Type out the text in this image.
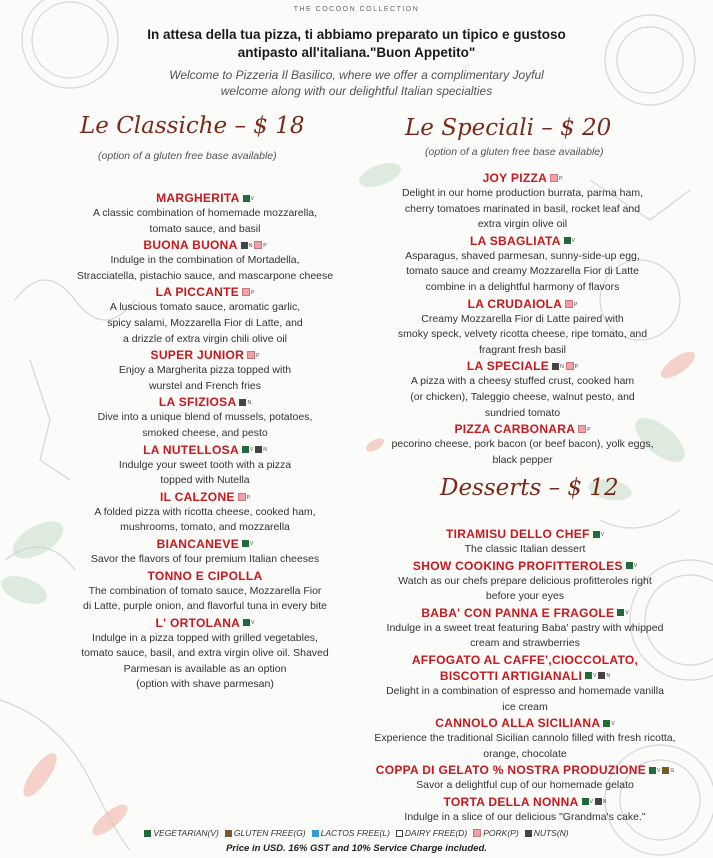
THE COCOON COLLECTION
In attesa della tua pizza, ti abbiamo preparato un tipico e gustoso
antipasto all'italiana."Buon Appetito"
Welcome to Pizzeria Il Basilico, where we offer a complimentary Joyful
welcome along with our delightful Italian specialties
Le Classiche – $ 18
(option of a gluten free base available)
Le Speciali – $ 20
(option of a gluten free base available)
Desserts – $ 12
MARGHERITA V
A classic combination of homemade mozzarella,
tomato sauce, and basil
BUONA BUONA N P
Indulge in the combination of Mortadella,
Stracciatella, pistachio sauce, and mascarpone cheese
LA PICCANTE P
A luscious tomato sauce, aromatic garlic,
spicy salami, Mozzarella Fior di Latte, and
a drizzle of extra virgin chili olive oil
SUPER JUNIOR P
Enjoy a Margherita pizza topped with
wurstel and French fries
LA SFIZIOSA N
Dive into a unique blend of mussels, potatoes,
smoked cheese, and pesto
LA NUTELLOSA V N
Indulge your sweet tooth with a pizza
topped with Nutella
IL CALZONE P
A folded pizza with ricotta cheese, cooked ham,
mushrooms, tomato, and mozzarella
BIANCANEVE V
Savor the flavors of four premium Italian cheeses
TONNO E CIPOLLA
The combination of tomato sauce, Mozzarella Fior
di Latte, purple onion, and flavorful tuna in every bite
L' ORTOLANA V
Indulge in a pizza topped with grilled vegetables,
tomato sauce, basil, and extra virgin olive oil. Shaved
Parmesan is available as an option
(option with shave parmesan)
JOY PIZZA P
Delight in our home production burrata, parma ham,
cherry tomatoes marinated in basil, rocket leaf and
extra virgin olive oil
LA SBAGLIATA V
Asparagus, shaved parmesan, sunny-side-up egg,
tomato sauce and creamy Mozzarella Fior di Latte
combine in a delightful harmony of flavors
LA CRUDAIOLA P
Creamy Mozzarella Fior di Latte paired with
smoky speck, velvety ricotta cheese, ripe tomato, and
fragrant fresh basil
LA SPECIALE N P
A pizza with a cheesy stuffed crust, cooked ham
(or chicken), Taleggio cheese, walnut pesto, and
sundried tomato
PIZZA CARBONARA P
pecorino cheese, pork bacon (or beef bacon), yolk eggs,
black pepper
TIRAMISU DELLO CHEF V
The classic Italian dessert
SHOW COOKING PROFITTEROLES V
Watch as our chefs prepare delicious profitteroles right
before your eyes
BABA' CON PANNA E FRAGOLE V
Indulge in a sweet treat featuring Baba' pastry with whipped
cream and strawberries
AFFOGATO AL CAFFE',CIOCCOLATO,
BISCOTTI ARTIGIANALI V N
Delight in a combination of espresso and homemade vanilla
ice cream
CANNOLO ALLA SICILIANA V
Experience the traditional Sicilian cannolo filled with fresh ricotta,
orange, chocolate
COPPA DI GELATO % NOSTRA PRODUZIONE V G
Savor a delightful cup of our homemade gelato
TORTA DELLA NONNA V N
Indulge in a slice of our delicious "Grandma's cake."
VEGETARIAN(V) GLUTEN FREE(G) LACTOS FREE(L) DAIRY FREE(D) PORK(P) NUTS(N)
Price in USD. 16% GST and 10% Service Charge included.
